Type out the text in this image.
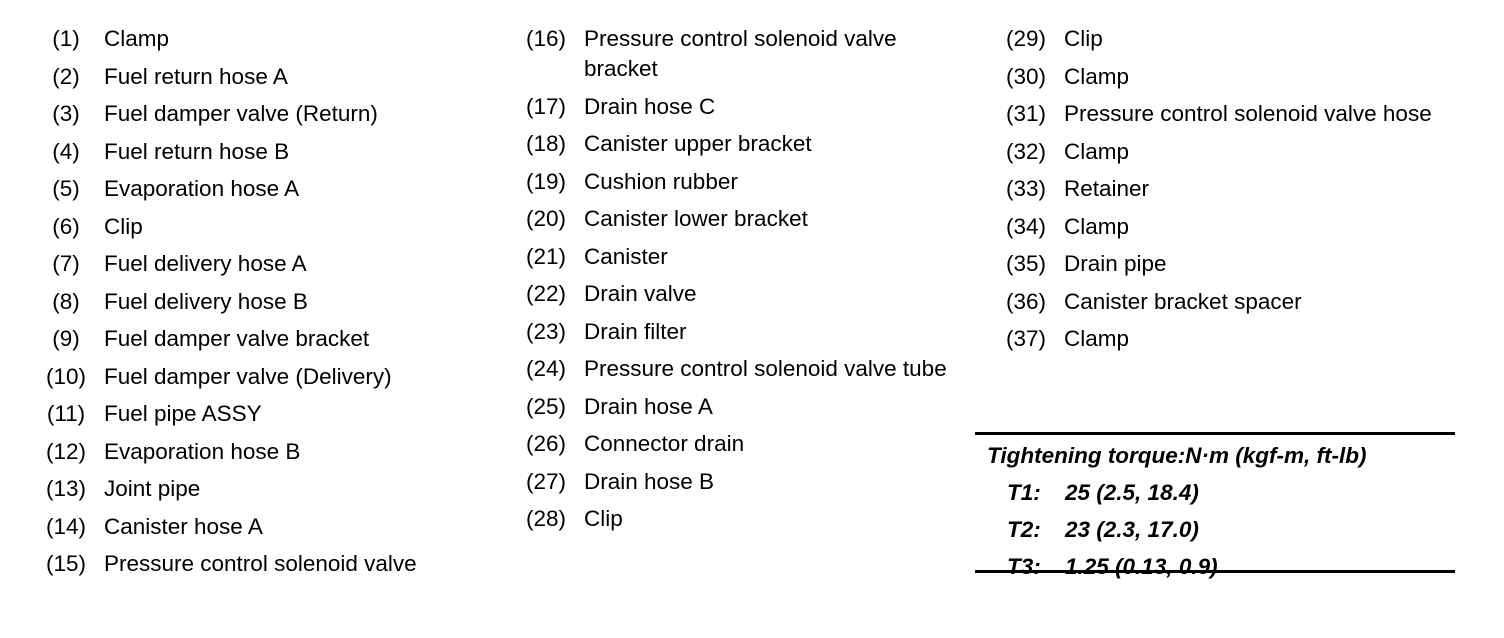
(1)	Clamp
(2)	Fuel return hose A
(3)	Fuel damper valve (Return)
(4)	Fuel return hose B
(5)	Evaporation hose A
(6)	Clip
(7)	Fuel delivery hose A
(8)	Fuel delivery hose B
(9)	Fuel damper valve bracket
(10) Fuel damper valve (Delivery)
(11) Fuel pipe ASSY
(12) Evaporation hose B
(13) Joint pipe
(14) Canister hose A
(15) Pressure control solenoid valve
(16) Pressure control solenoid valve bracket
(17) Drain hose C
(18) Canister upper bracket
(19) Cushion rubber
(20) Canister lower bracket
(21) Canister
(22) Drain valve
(23) Drain filter
(24) Pressure control solenoid valve tube
(25) Drain hose A
(26) Connector drain
(27) Drain hose B
(28) Clip
(29) Clip
(30) Clamp
(31) Pressure control solenoid valve hose
(32) Clamp
(33) Retainer
(34) Clamp
(35) Drain pipe
(36) Canister bracket spacer
(37) Clamp
Tightening torque:N·m (kgf-m, ft-lb)
T1:	25 (2.5, 18.4)
T2:	23 (2.3, 17.0)
T3:	1.25 (0.13, 0.9)
